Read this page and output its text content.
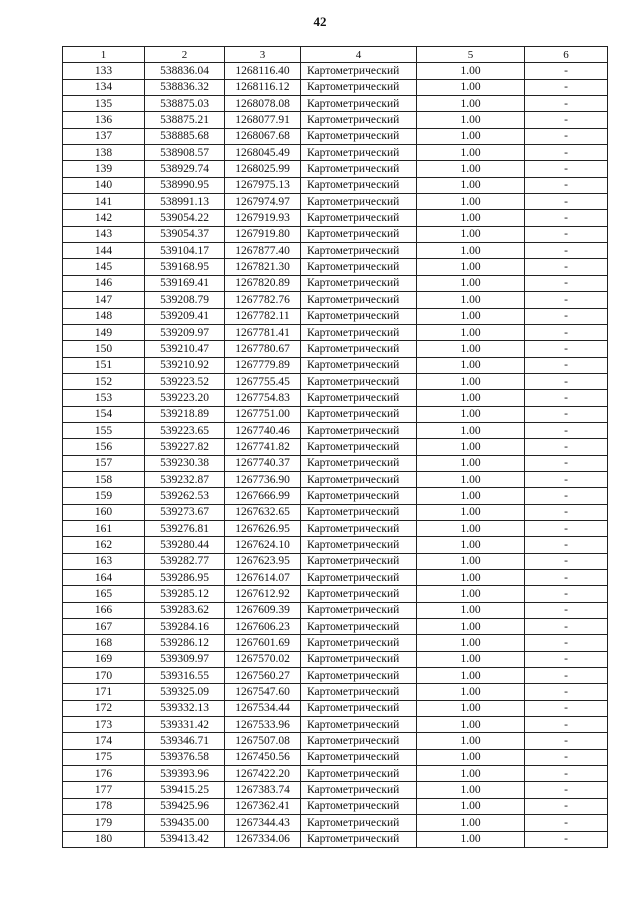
42
1	2	3	4	5	6
133	538836.04	1268116.40	Картометрический	1.00	-
134	538836.32	1268116.12	Картометрический	1.00	-
135	538875.03	1268078.08	Картометрический	1.00	-
136	538875.21	1268077.91	Картометрический	1.00	-
137	538885.68	1268067.68	Картометрический	1.00	-
138	538908.57	1268045.49	Картометрический	1.00	-
139	538929.74	1268025.99	Картометрический	1.00	-
140	538990.95	1267975.13	Картометрический	1.00	-
141	538991.13	1267974.97	Картометрический	1.00	-
142	539054.22	1267919.93	Картометрический	1.00	-
143	539054.37	1267919.80	Картометрический	1.00	-
144	539104.17	1267877.40	Картометрический	1.00	-
145	539168.95	1267821.30	Картометрический	1.00	-
146	539169.41	1267820.89	Картометрический	1.00	-
147	539208.79	1267782.76	Картометрический	1.00	-
148	539209.41	1267782.11	Картометрический	1.00	-
149	539209.97	1267781.41	Картометрический	1.00	-
150	539210.47	1267780.67	Картометрический	1.00	-
151	539210.92	1267779.89	Картометрический	1.00	-
152	539223.52	1267755.45	Картометрический	1.00	-
153	539223.20	1267754.83	Картометрический	1.00	-
154	539218.89	1267751.00	Картометрический	1.00	-
155	539223.65	1267740.46	Картометрический	1.00	-
156	539227.82	1267741.82	Картометрический	1.00	-
157	539230.38	1267740.37	Картометрический	1.00	-
158	539232.87	1267736.90	Картометрический	1.00	-
159	539262.53	1267666.99	Картометрический	1.00	-
160	539273.67	1267632.65	Картометрический	1.00	-
161	539276.81	1267626.95	Картометрический	1.00	-
162	539280.44	1267624.10	Картометрический	1.00	-
163	539282.77	1267623.95	Картометрический	1.00	-
164	539286.95	1267614.07	Картометрический	1.00	-
165	539285.12	1267612.92	Картометрический	1.00	-
166	539283.62	1267609.39	Картометрический	1.00	-
167	539284.16	1267606.23	Картометрический	1.00	-
168	539286.12	1267601.69	Картометрический	1.00	-
169	539309.97	1267570.02	Картометрический	1.00	-
170	539316.55	1267560.27	Картометрический	1.00	-
171	539325.09	1267547.60	Картометрический	1.00	-
172	539332.13	1267534.44	Картометрический	1.00	-
173	539331.42	1267533.96	Картометрический	1.00	-
174	539346.71	1267507.08	Картометрический	1.00	-
175	539376.58	1267450.56	Картометрический	1.00	-
176	539393.96	1267422.20	Картометрический	1.00	-
177	539415.25	1267383.74	Картометрический	1.00	-
178	539425.96	1267362.41	Картометрический	1.00	-
179	539435.00	1267344.43	Картометрический	1.00	-
180	539413.42	1267334.06	Картометрический	1.00	-
